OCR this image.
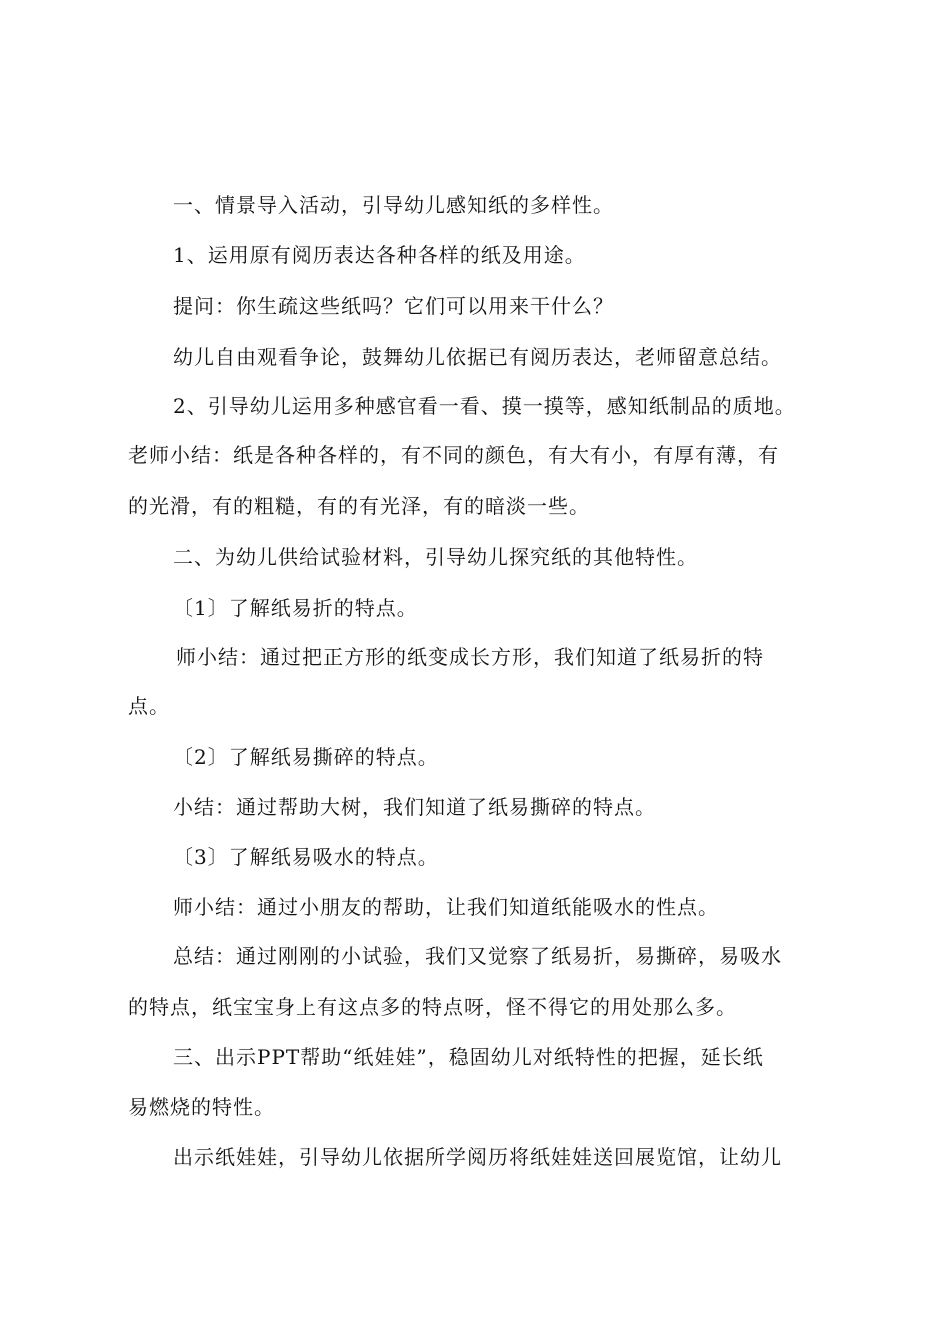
一、情景导入活动，引导幼儿感知纸的多样性。
1、运用原有阅历表达各种各样的纸及用途。
提问：你生疏这些纸吗？它们可以用来干什么？
幼儿自由观看争论，鼓舞幼儿依据已有阅历表达，老师留意总结。
2、引导幼儿运用多种感官看一看、摸一摸等，感知纸制品的质地。
老师小结：纸是各种各样的，有不同的颜色，有大有小，有厚有薄，有
的光滑，有的粗糙，有的有光泽，有的暗淡一些。
二、为幼儿供给试验材料，引导幼儿探究纸的其他特性。
〔1〕了解纸易折的特点。
师小结：通过把正方形的纸变成长方形，我们知道了纸易折的特
点。
〔2〕了解纸易撕碎的特点。
小结：通过帮助大树，我们知道了纸易撕碎的特点。
〔3〕了解纸易吸水的特点。
师小结：通过小朋友的帮助，让我们知道纸能吸水的性点。
总结：通过刚刚的小试验，我们又觉察了纸易折，易撕碎，易吸水
的特点，纸宝宝身上有这点多的特点呀，怪不得它的用处那么多。
三、出示PPT帮助“纸娃娃”，稳固幼儿对纸特性的把握，延长纸
易燃烧的特性。
出示纸娃娃，引导幼儿依据所学阅历将纸娃娃送回展览馆，让幼儿
